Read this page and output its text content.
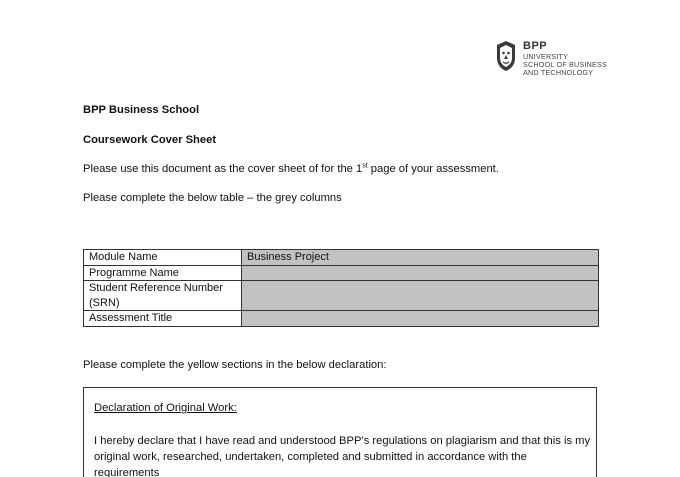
BPP
UNIVERSITY
SCHOOL OF BUSINESS
AND TECHNOLOGY
BPP Business School
Coursework Cover Sheet
Please use this document as the cover sheet of for the 1st page of your assessment.
Please complete the below table – the grey columns
Module Name	Business Project
Programme Name	
Student Reference Number (SRN)	
Assessment Title	
Please complete the yellow sections in the below declaration:
Declaration of Original Work:
I hereby declare that I have read and understood BPP’s regulations on plagiarism and that this is my original work, researched, undertaken, completed and submitted in accordance with the requirements
